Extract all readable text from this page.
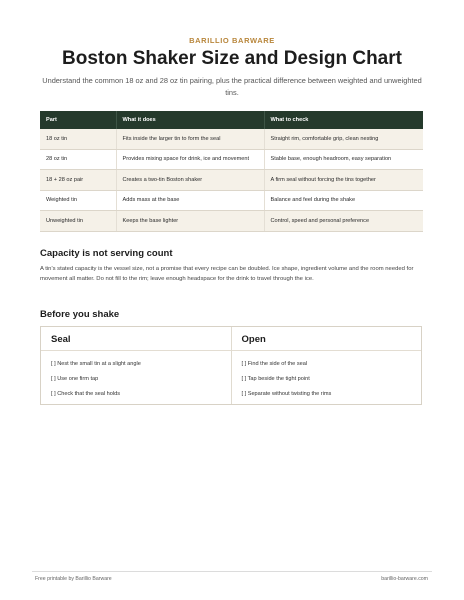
BARILLIO BARWARE
Boston Shaker Size and Design Chart

Understand the common 18 oz and 28 oz tin pairing, plus the practical difference between weighted and unweighted tins.

Part	What it does	What to check
18 oz tin	Fits inside the larger tin to form the seal	Straight rim, comfortable grip, clean nesting
28 oz tin	Provides mixing space for drink, ice and movement	Stable base, enough headroom, easy separation
18 + 28 oz pair	Creates a two-tin Boston shaker	A firm seal without forcing the tins together
Weighted tin	Adds mass at the base	Balance and feel during the shake
Unweighted tin	Keeps the base lighter	Control, speed and personal preference
Capacity is not serving count

A tin's stated capacity is the vessel size, not a promise that every recipe can be doubled. Ice shape, ingredient volume and the room needed for movement all matter. Do not fill to the rim; leave enough headspace for the drink to travel through the ice.

Before you shake
Seal
[ ] Nest the small tin at a slight angle
[ ] Use one firm tap
[ ] Check that the seal holds
Open
[ ] Find the side of the seal
[ ] Tap beside the tight point
[ ] Separate without twisting the rims
Free printable by Barillio Barware	barillio-barware.com
